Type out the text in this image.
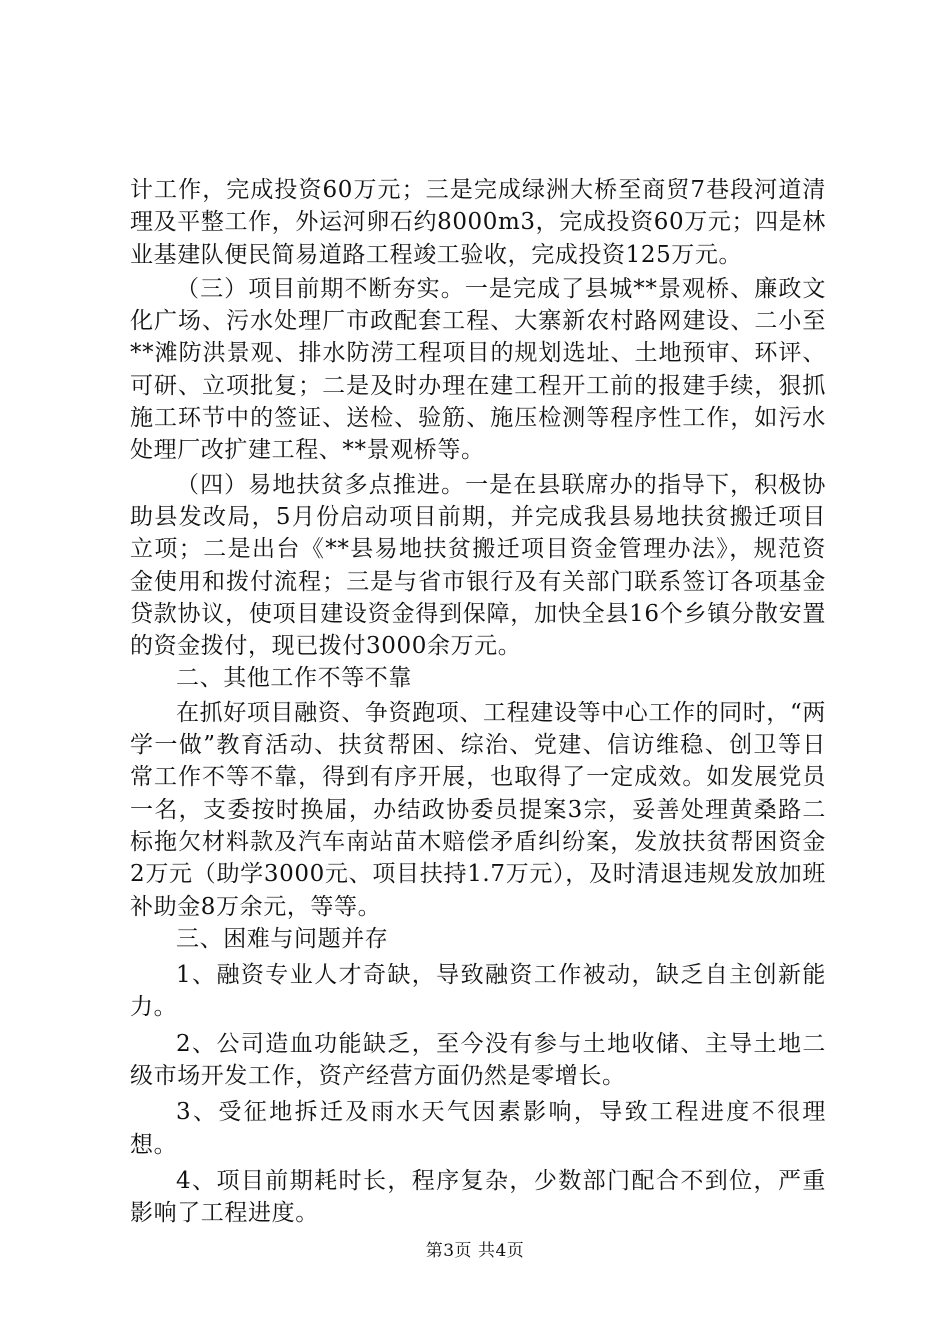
计工作，完成投资60万元；三是完成绿洲大桥至商贸7巷段河道清理及平整工作，外运河卵石约8000m3，完成投资60万元；四是林业基建队便民简易道路工程竣工验收，完成投资125万元。

（三）项目前期不断夯实。一是完成了县城**景观桥、廉政文化广场、污水处理厂市政配套工程、大寨新农村路网建设、二小至**滩防洪景观、排水防涝工程项目的规划选址、土地预审、环评、可研、立项批复；二是及时办理在建工程开工前的报建手续，狠抓施工环节中的签证、送检、验筋、施压检测等程序性工作，如污水处理厂改扩建工程、**景观桥等。

（四）易地扶贫多点推进。一是在县联席办的指导下，积极协助县发改局，5月份启动项目前期，并完成我县易地扶贫搬迁项目立项；二是出台《**县易地扶贫搬迁项目资金管理办法》，规范资金使用和拨付流程；三是与省市银行及有关部门联系签订各项基金贷款协议，使项目建设资金得到保障，加快全县16个乡镇分散安置的资金拨付，现已拨付3000余万元。

二、其他工作不等不靠

在抓好项目融资、争资跑项、工程建设等中心工作的同时，“两学一做”教育活动、扶贫帮困、综治、党建、信访维稳、创卫等日常工作不等不靠，得到有序开展，也取得了一定成效。如发展党员一名，支委按时换届，办结政协委员提案3宗，妥善处理黄桑路二标拖欠材料款及汽车南站苗木赔偿矛盾纠纷案，发放扶贫帮困资金2万元（助学3000元、项目扶持1.7万元），及时清退违规发放加班补助金8万余元，等等。

三、困难与问题并存

1、融资专业人才奇缺，导致融资工作被动，缺乏自主创新能力。

2、公司造血功能缺乏，至今没有参与土地收储、主导土地二级市场开发工作，资产经营方面仍然是零增长。

3、受征地拆迁及雨水天气因素影响，导致工程进度不很理想。

4、项目前期耗时长，程序复杂，少数部门配合不到位，严重影响了工程进度。

第3页 共4页
